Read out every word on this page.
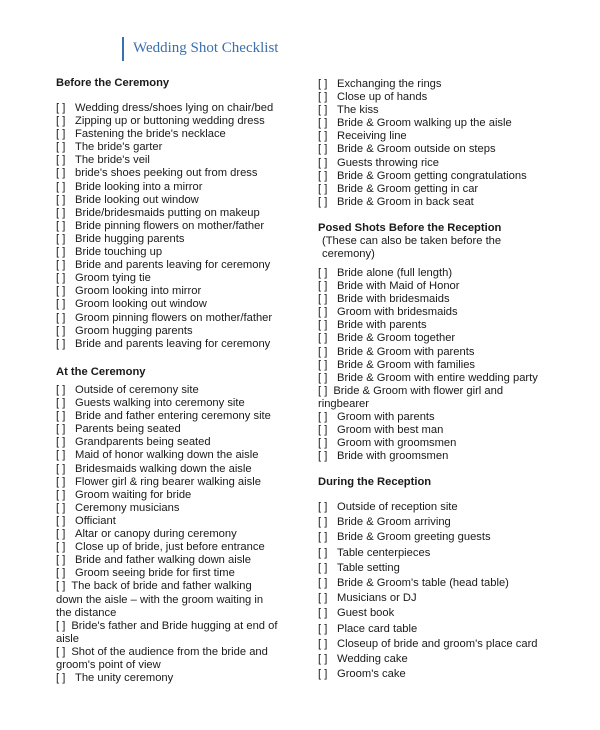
Wedding Shot Checklist
Before the Ceremony
[ ] Wedding dress/shoes lying on chair/bed
[ ] Zipping up or buttoning wedding dress
[ ] Fastening the bride's necklace
[ ] The bride's garter
[ ] The bride's veil
[ ] bride's shoes peeking out from dress
[ ] Bride looking into a mirror
[ ] Bride looking out window
[ ] Bride/bridesmaids putting on makeup
[ ] Bride pinning flowers on mother/father
[ ] Bride hugging parents
[ ] Bride touching up
[ ] Bride and parents leaving for ceremony
[ ] Groom tying tie
[ ] Groom looking into mirror
[ ] Groom looking out window
[ ] Groom pinning flowers on mother/father
[ ] Groom hugging parents
[ ] Bride and parents leaving for ceremony
At the Ceremony
[ ] Outside of ceremony site
[ ] Guests walking into ceremony site
[ ] Bride and father entering ceremony site
[ ] Parents being seated
[ ] Grandparents being seated
[ ] Maid of honor walking down the aisle
[ ] Bridesmaids walking down the aisle
[ ] Flower girl & ring bearer walking aisle
[ ] Groom waiting for bride
[ ] Ceremony musicians
[ ] Officiant
[ ] Altar or canopy during ceremony
[ ] Close up of bride, just before entrance
[ ] Bride and father walking down aisle
[ ] Groom seeing bride for first time
[ ] The back of bride and father walking down the aisle – with the groom waiting in the distance
[ ] Bride's father and Bride hugging at end of aisle
[ ] Shot of the audience from the bride and groom's point of view
[ ] The unity ceremony
[ ] Exchanging the rings
[ ] Close up of hands
[ ] The kiss
[ ] Bride & Groom walking up the aisle
[ ] Receiving line
[ ] Bride & Groom outside on steps
[ ] Guests throwing rice
[ ] Bride & Groom getting congratulations
[ ] Bride & Groom getting in car
[ ] Bride & Groom in back seat
Posed Shots Before the Reception
(These can also be taken before the ceremony)
[ ] Bride alone (full length)
[ ] Bride with Maid of Honor
[ ] Bride with bridesmaids
[ ] Groom with bridesmaids
[ ] Bride with parents
[ ] Bride & Groom together
[ ] Bride & Groom with parents
[ ] Bride & Groom with families
[ ] Bride & Groom with entire wedding party
[ ] Bride & Groom with flower girl and ringbearer
[ ] Groom with parents
[ ] Groom with best man
[ ] Groom with groomsmen
[ ] Bride with groomsmen
During the Reception
[ ] Outside of reception site
[ ] Bride & Groom arriving
[ ] Bride & Groom greeting guests
[ ] Table centerpieces
[ ] Table setting
[ ] Bride & Groom's table (head table)
[ ] Musicians or DJ
[ ] Guest book
[ ] Place card table
[ ] Closeup of bride and groom's place card
[ ] Wedding cake
[ ] Groom's cake
